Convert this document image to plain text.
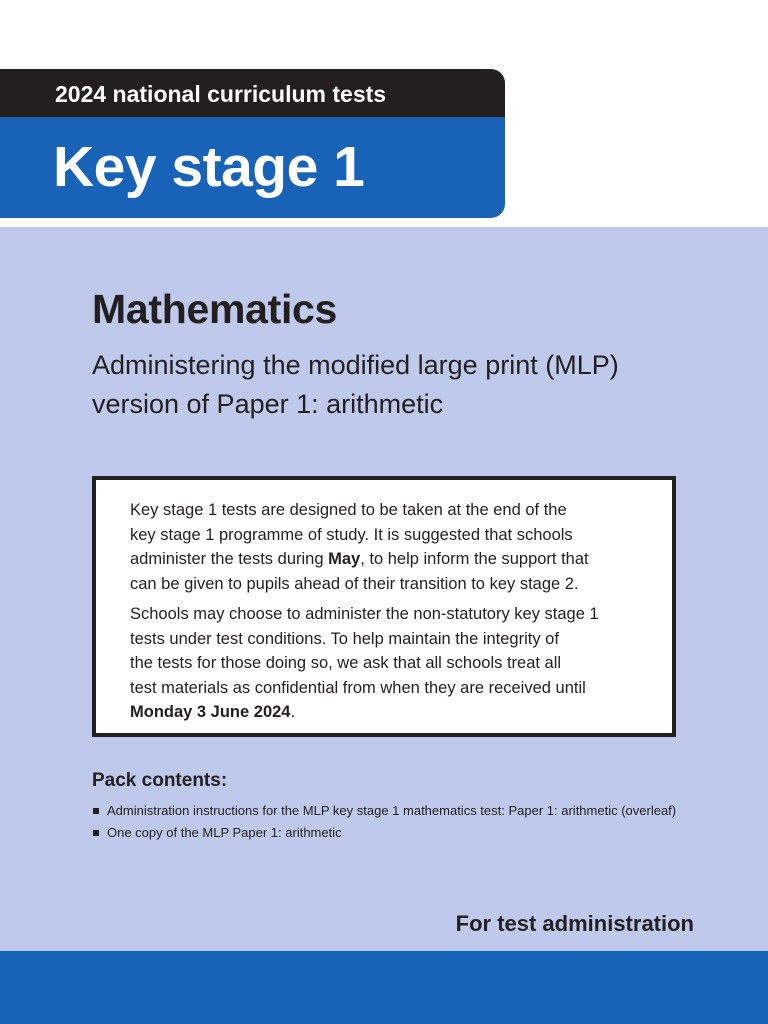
2024 national curriculum tests
Key stage 1
Mathematics
Administering the modified large print (MLP)
version of Paper 1: arithmetic

Key stage 1 tests are designed to be taken at the end of the
key stage 1 programme of study. It is suggested that schools
administer the tests during May, to help inform the support that
can be given to pupils ahead of their transition to key stage 2.

Schools may choose to administer the non-statutory key stage 1
tests under test conditions. To help maintain the integrity of
the tests for those doing so, we ask that all schools treat all
test materials as confidential from when they are received until
Monday 3 June 2024.

Pack contents:
Administration instructions for the MLP key stage 1 mathematics test: Paper 1: arithmetic (overleaf)
One copy of the MLP Paper 1: arithmetic
For test administration
